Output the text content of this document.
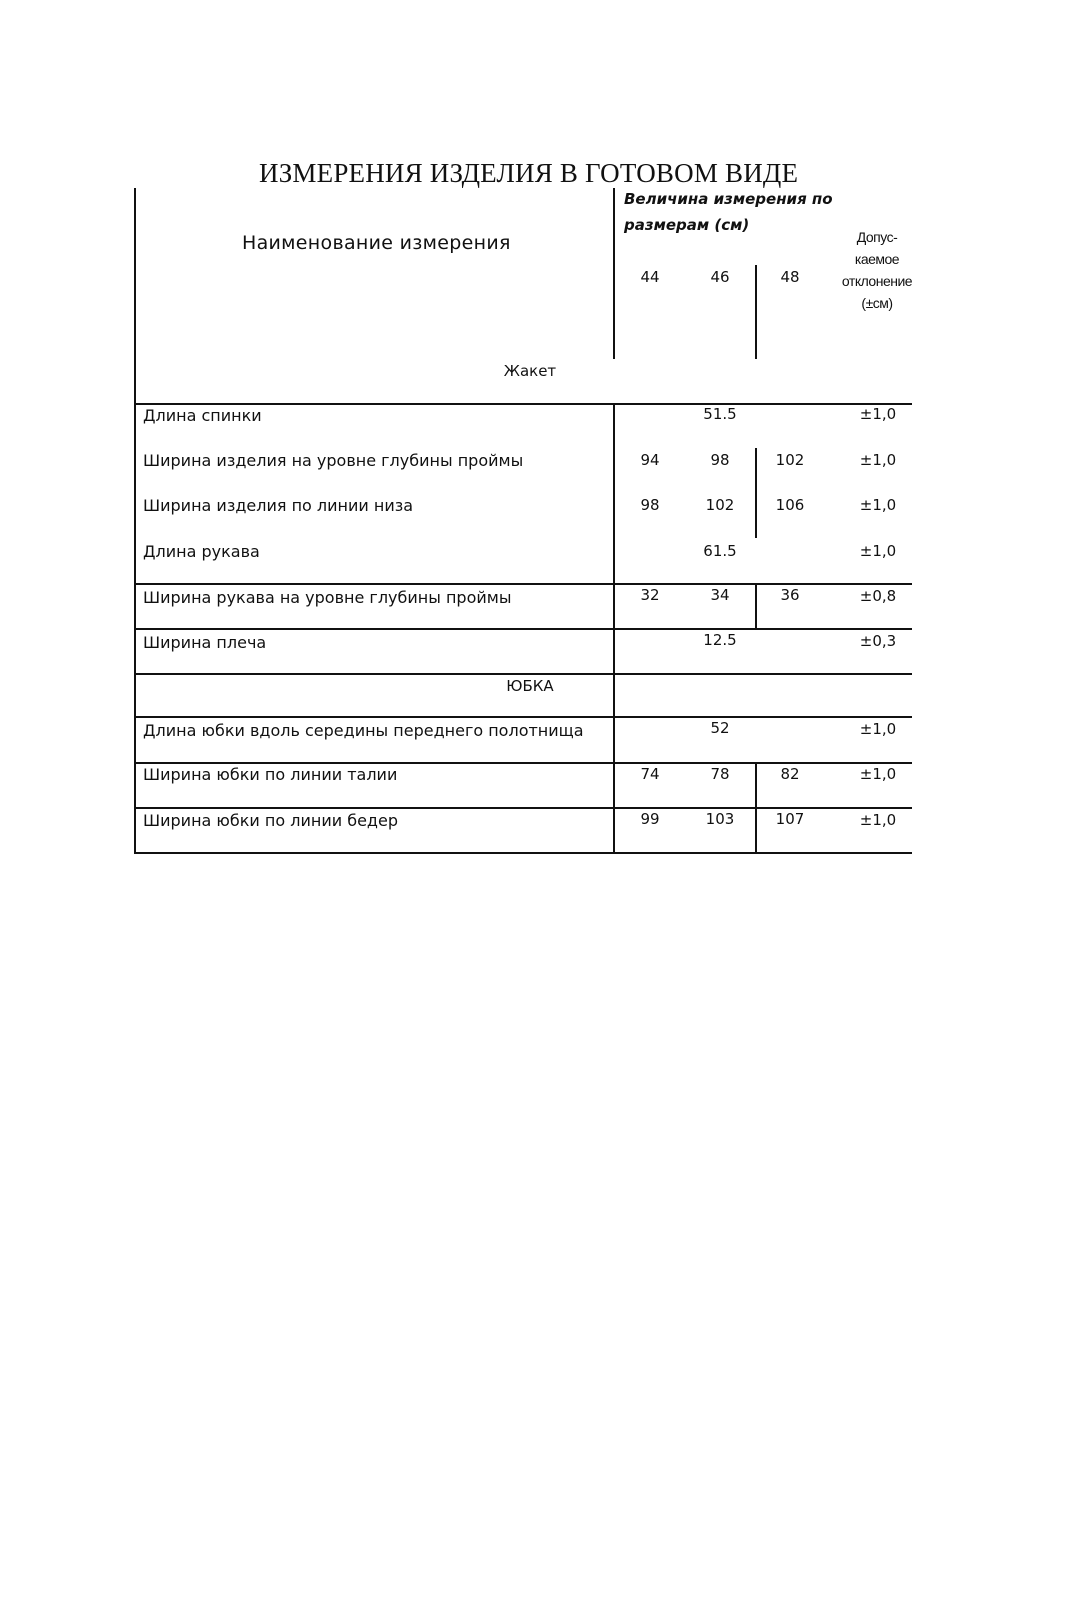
ИЗМЕРЕНИЯ ИЗДЕЛИЯ В ГОТОВОМ ВИДЕ
Наименование измерения
Величина измерения по
размерам (см)
44	46	48
Допус-
каемое
отклонение
(±см)
Жакет
Длина спинки	51.5	±1,0
Ширина изделия на уровне глубины проймы	94	98	102	±1,0
Ширина изделия по линии низа	98	102	106	±1,0
Длина рукава	61.5	±1,0
Ширина рукава на уровне глубины проймы	32	34	36	±0,8
Ширина плеча	12.5	±0,3
ЮБКА
Длина юбки вдоль середины переднего полотнища	52	±1,0
Ширина юбки по линии талии	74	78	82	±1,0
Ширина юбки по линии бедер	99	103	107	±1,0
